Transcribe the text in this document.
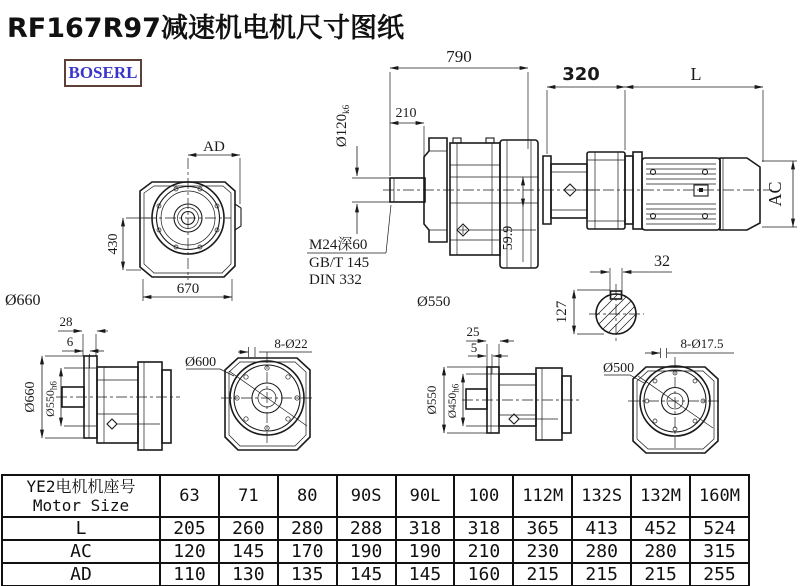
RF167R97减速机电机尺寸图纸
BOSERL
AD
430
670
Ø660
59.9
790
210
$Ø120_{k6}$
M24深60
GB/T 145
DIN 332
Ø550
320	L
AC
32
127
28
6
Ø660 $Ø550_{h6}$
8-Ø22
Ø600
25
5
Ø550 $Ø450_{h6}$
8-Ø17.5
Ø500
YE2电机机座号
Motor Size	63	71	80	90S	90L	100	112M	132S	132M	160M
L	205	260	280	288	318	318	365	413	452	524
AC	120	145	170	190	190	210	230	280	280	315
AD	110	130	135	145	145	160	215	215	215	255
